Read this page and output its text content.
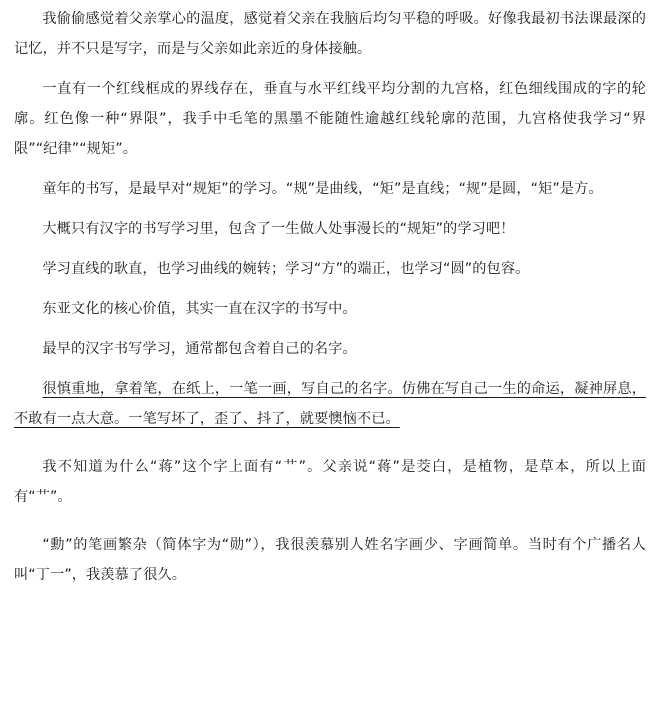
我偷偷感觉着父亲掌心的温度，感觉着父亲在我脑后均匀平稳的呼吸。好像我最初书法课最深的记忆，并不只是写字，而是与父亲如此亲近的身体接触。

一直有一个红线框成的界线存在，垂直与水平红线平均分割的九宫格，红色细线围成的字的轮廓。红色像一种“界限”，我手中毛笔的黑墨不能随性逾越红线轮廓的范围，九宫格使我学习“界限”“纪律”“规矩”。

童年的书写，是最早对“规矩”的学习。“规”是曲线，“矩”是直线；“规”是圆，“矩”是方。

大概只有汉字的书写学习里，包含了一生做人处事漫长的“规矩”的学习吧！

学习直线的耿直，也学习曲线的婉转；学习“方”的端正，也学习“圆”的包容。

东亚文化的核心价值，其实一直在汉字的书写中。

最早的汉字书写学习，通常都包含着自己的名字。

很慎重地，拿着笔，在纸上，一笔一画，写自己的名字。仿佛在写自己一生的命运，凝神屏息，不敢有一点大意。一笔写坏了，歪了、抖了，就要懊恼不已。

我不知道为什么“蒋”这个字上面有“艹”。父亲说“蒋”是茭白，是植物，是草本，所以上面有“艹”。

“勳”的笔画繁杂（简体字为“勋”），我很羡慕别人姓名字画少、字画简单。当时有个广播名人叫“丁一”，我羡慕了很久。
